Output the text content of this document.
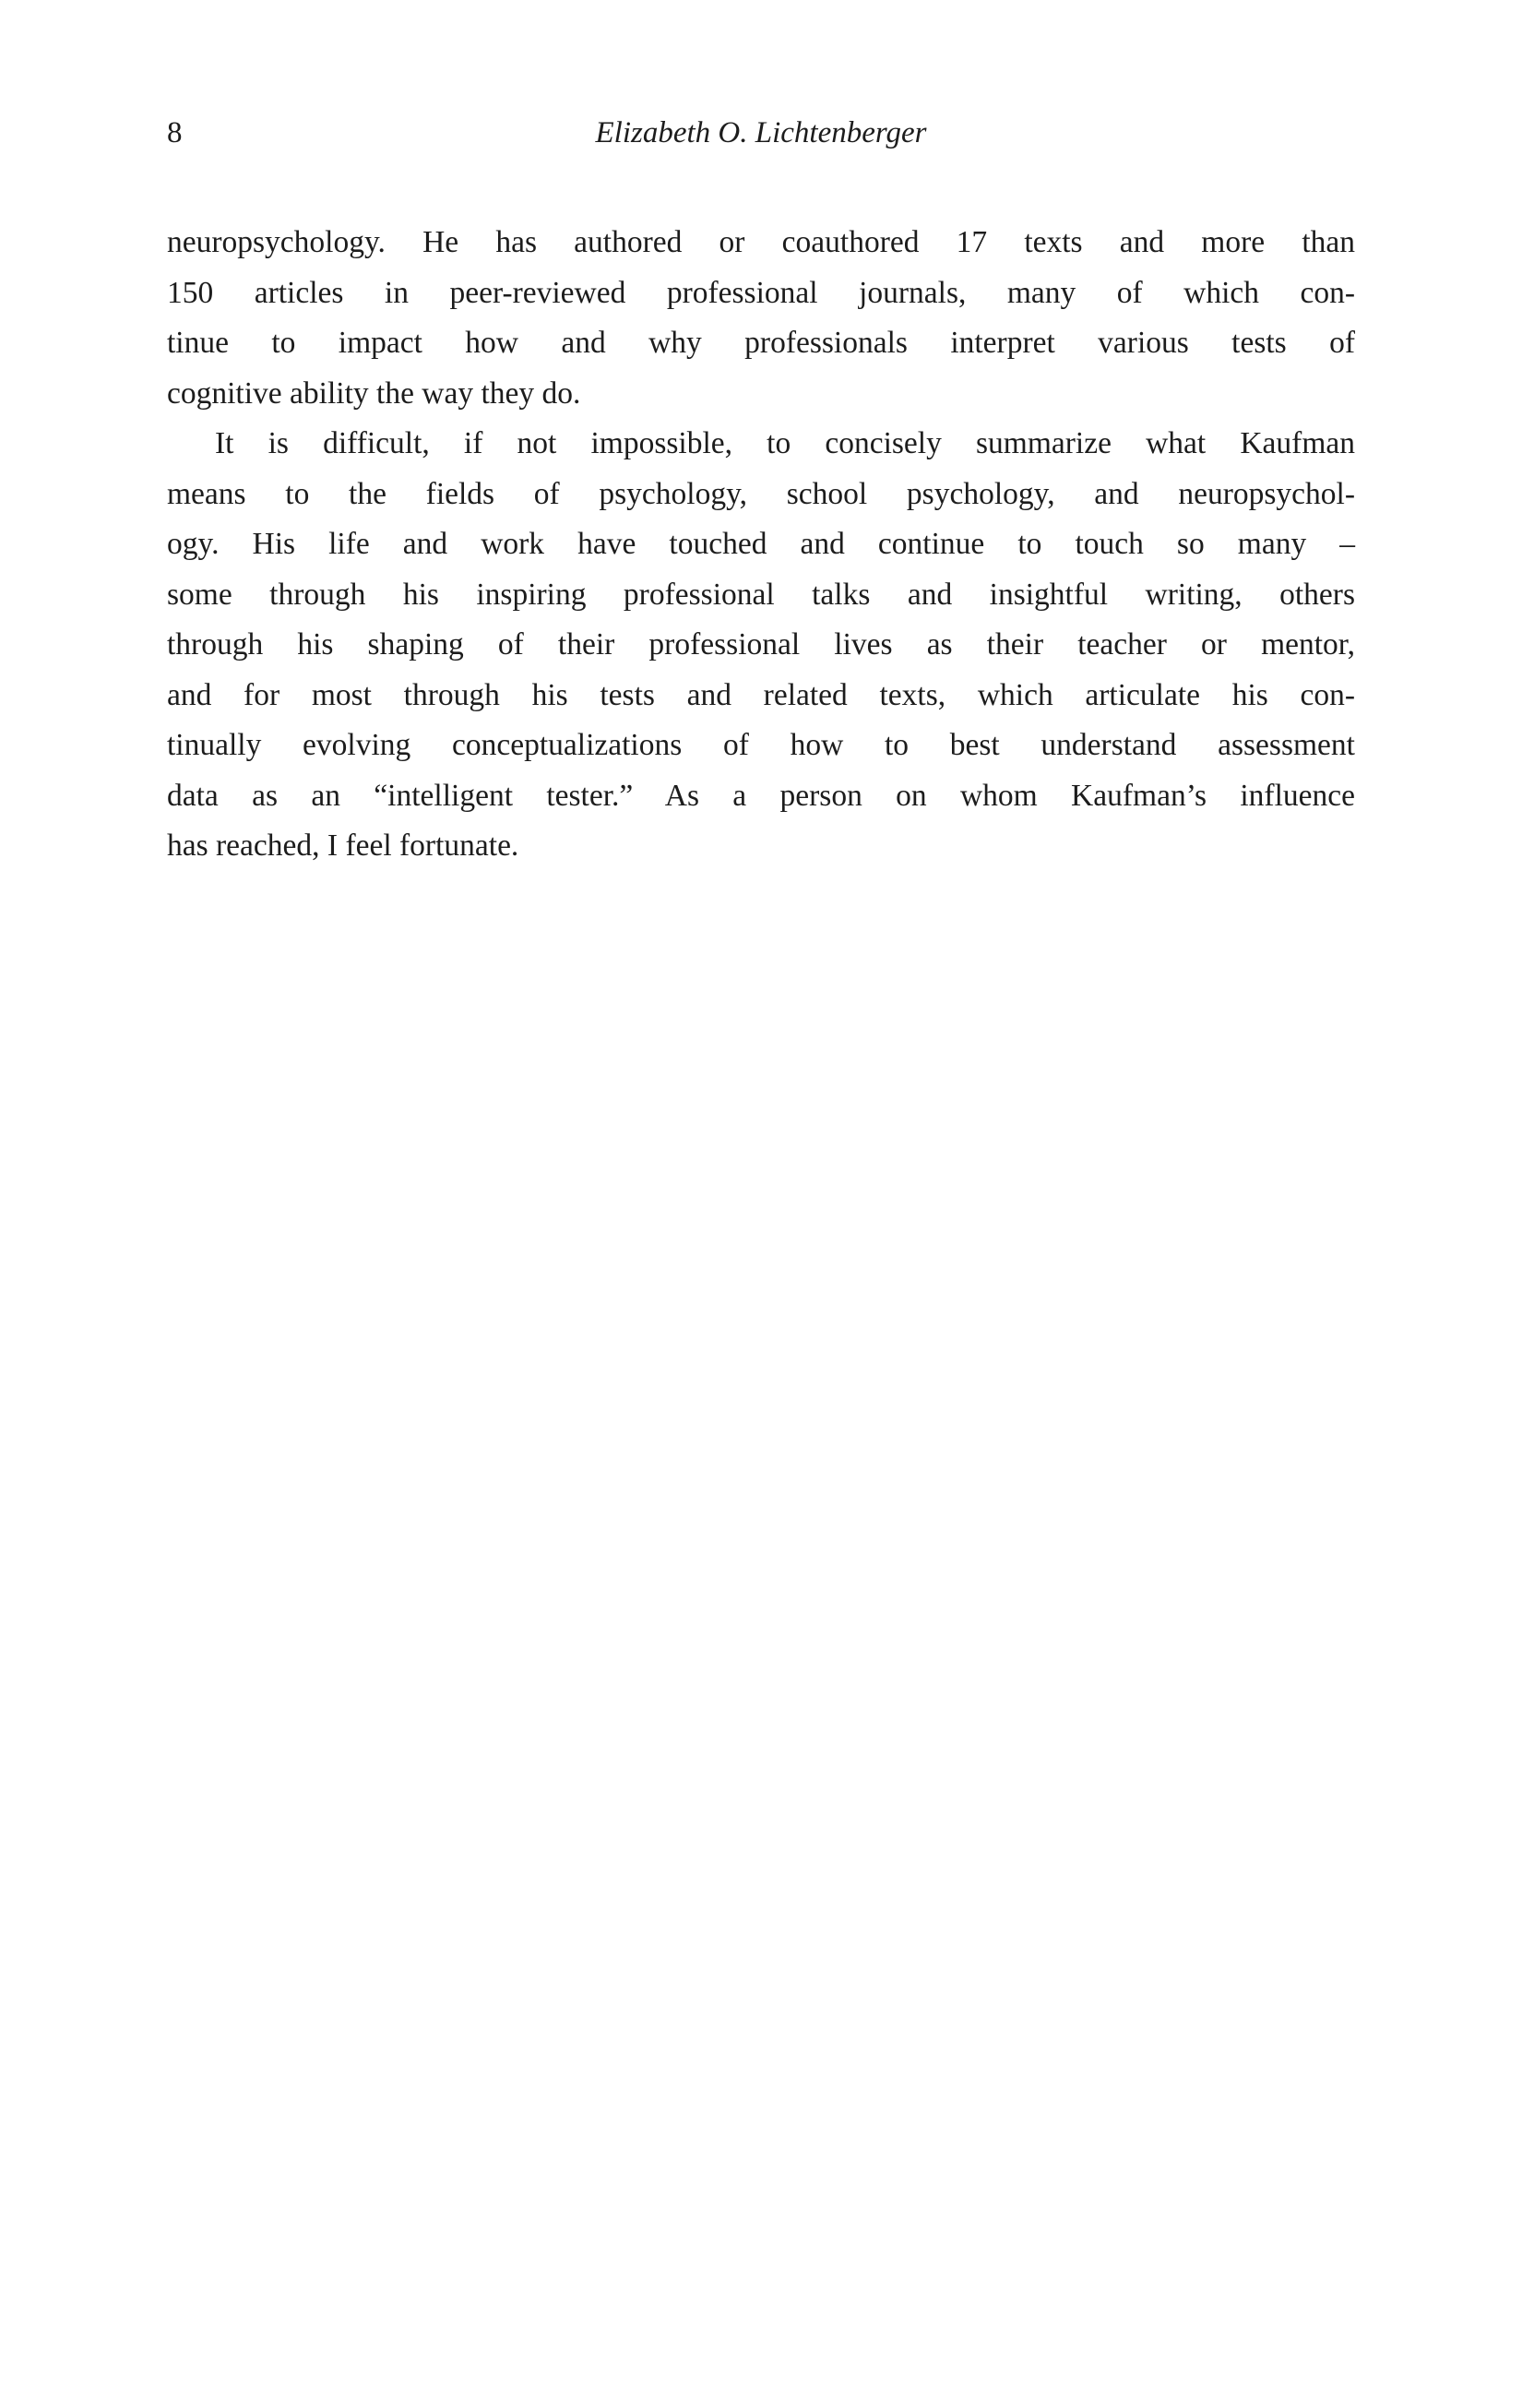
8	Elizabeth O. Lichtenberger

neuropsychology. He has authored or coauthored 17 texts and more than
150 articles in peer-reviewed professional journals, many of which con-
tinue to impact how and why professionals interpret various tests of
cognitive ability the way they do.

It is difficult, if not impossible, to concisely summarize what Kaufman
means to the fields of psychology, school psychology, and neuropsychol-
ogy. His life and work have touched and continue to touch so many –
some through his inspiring professional talks and insightful writing, others
through his shaping of their professional lives as their teacher or mentor,
and for most through his tests and related texts, which articulate his con-
tinually evolving conceptualizations of how to best understand assessment
data as an “intelligent tester.” As a person on whom Kaufman’s influence
has reached, I feel fortunate.
